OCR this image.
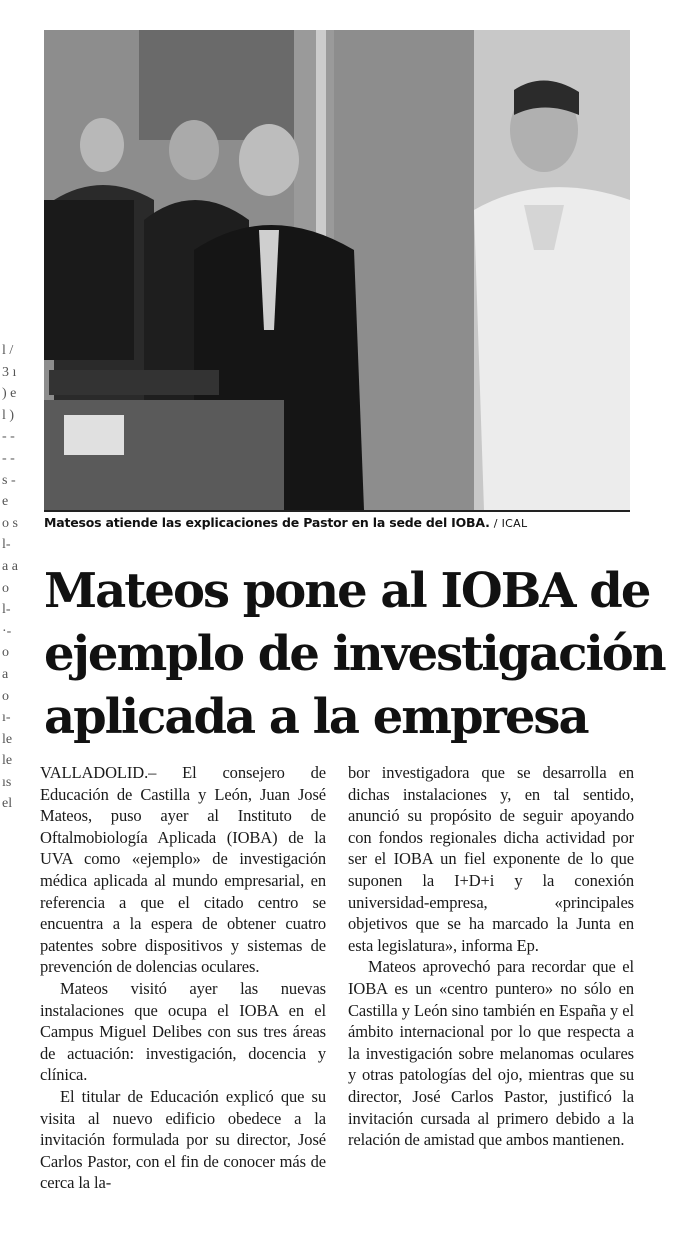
Matesos atiende las explicaciones de Pastor en la sede del IOBA. / ICAL
Mateos pone al IOBA de
ejemplo de investigación
aplicada a la empresa

VALLADOLID.– El consejero de Educación de Castilla y León, Juan José Mateos, puso ayer al Instituto de Oftalmobiología Aplicada (IOBA) de la UVA como «ejemplo» de investigación médica aplicada al mundo empresarial, en referencia a que el citado centro se encuentra a la espera de obtener cuatro patentes sobre dispositivos y sistemas de prevención de dolencias oculares.

Mateos visitó ayer las nuevas instalaciones que ocupa el IOBA en el Campus Miguel Delibes con sus tres áreas de actuación: investigación, docencia y clínica.

El titular de Educación explicó que su visita al nuevo edificio obedece a la invitación formulada por su director, José Carlos Pastor, con el fin de conocer más de cerca la la-

bor investigadora que se desarrolla en dichas instalaciones y, en tal sentido, anunció su propósito de seguir apoyando con fondos regionales dicha actividad por ser el IOBA un fiel exponente de lo que suponen la I+D+i y la conexión universidad-empresa, «principales objetivos que se ha marcado la Junta en esta legislatura», informa Ep.

Mateos aprovechó para recordar que el IOBA es un «centro puntero» no sólo en Castilla y León sino también en España y el ámbito internacional por lo que respecta a la investigación sobre melanomas oculares y otras patologías del ojo, mientras que su director, José Carlos Pastor, justificó la invitación cursada al primero debido a la relación de amistad que ambos mantienen.

l / 3 ı ) e l ) - - - - s - e o s l- a a o l- ·- o a o ı- le le ıs el
